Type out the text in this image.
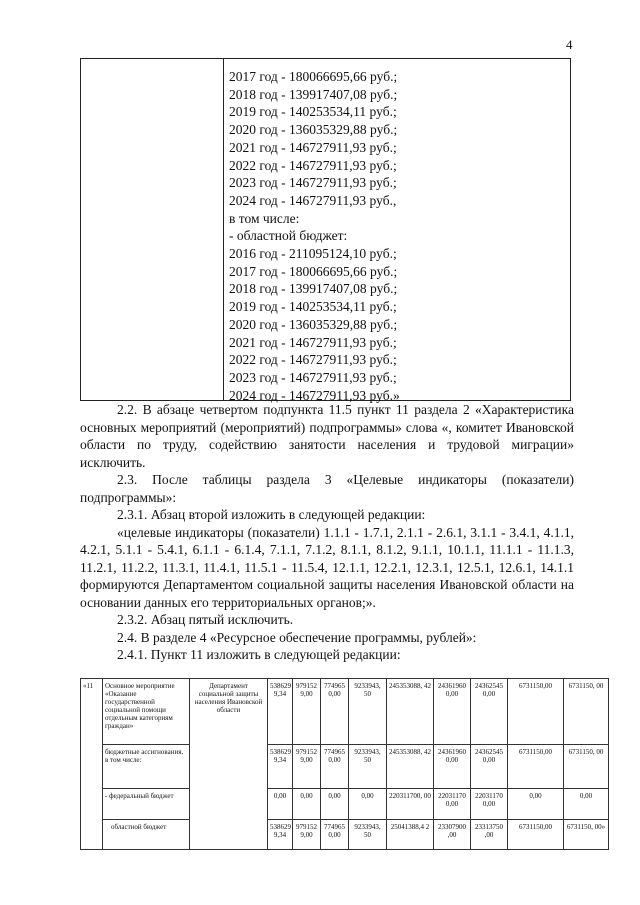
4
2017 год - 180066695,66 руб.;
2018 год - 139917407,08 руб.;
2019 год - 140253534,11 руб.;
2020 год - 136035329,88 руб.;
2021 год - 146727911,93 руб.;
2022 год - 146727911,93 руб.;
2023 год - 146727911,93 руб.;
2024 год - 146727911,93 руб.,
в том числе:
- областной бюджет:
2016 год - 211095124,10 руб.;
2017 год - 180066695,66 руб.;
2018 год - 139917407,08 руб.;
2019 год - 140253534,11 руб.;
2020 год - 136035329,88 руб.;
2021 год - 146727911,93 руб.;
2022 год - 146727911,93 руб.;
2023 год - 146727911,93 руб.;
2024 год - 146727911,93 руб.»

2.2. В абзаце четвертом подпункта 11.5 пункт 11 раздела 2 «Характеристика основных мероприятий (мероприятий) подпрограммы» слова «, комитет Ивановской области по труду, содействию занятости населения и трудовой миграции» исключить.

2.3. После таблицы раздела 3 «Целевые индикаторы (показатели) подпрограммы»:

2.3.1. Абзац второй изложить в следующей редакции:

«целевые индикаторы (показатели) 1.1.1 - 1.7.1, 2.1.1 - 2.6.1, 3.1.1 - 3.4.1, 4.1.1, 4.2.1, 5.1.1 - 5.4.1, 6.1.1 - 6.1.4, 7.1.1, 7.1.2, 8.1.1, 8.1.2, 9.1.1, 10.1.1, 11.1.1 - 11.1.3, 11.2.1, 11.2.2, 11.3.1, 11.4.1, 11.5.1 - 11.5.4, 12.1.1, 12.2.1, 12.3.1, 12.5.1, 12.6.1, 14.1.1 формируются Департаментом социальной защиты населения Ивановской области на основании данных его территориальных органов;».

2.3.2. Абзац пятый исключить.

2.4. В разделе 4 «Ресурсное обеспечение программы, рублей»:

2.4.1. Пункт 11 изложить в следующей редакции:

«11	Основное мероприятие «Оказание государственной социальной помощи отдельным категориям граждан»	Департамент социальной защиты населения Ивановской области	538629 9,34	979152 9,00	774965 0,00	9233943, 50	245353088, 42	24361960 0,00	24362545 0,00	6731150,00	6731150, 00
	бюджетные ассигнования, в том числе:		538629 9,34	979152 9,00	774965 0,00	9233943, 50	245353088, 42	24361960 0,00	24362545 0,00	6731150,00	6731150, 00
	- федеральный бюджет		0,00	0,00	0,00	0,00	220311700, 00	22031170 0,00	22031170 0,00	0,00	0,00
	областной бюджет		538629 9,34	979152 9,00	774965 0,00	9233943, 50	25041388,4 2	23307900 ,00	23313750 ,00	6731150,00	6731150, 00»
